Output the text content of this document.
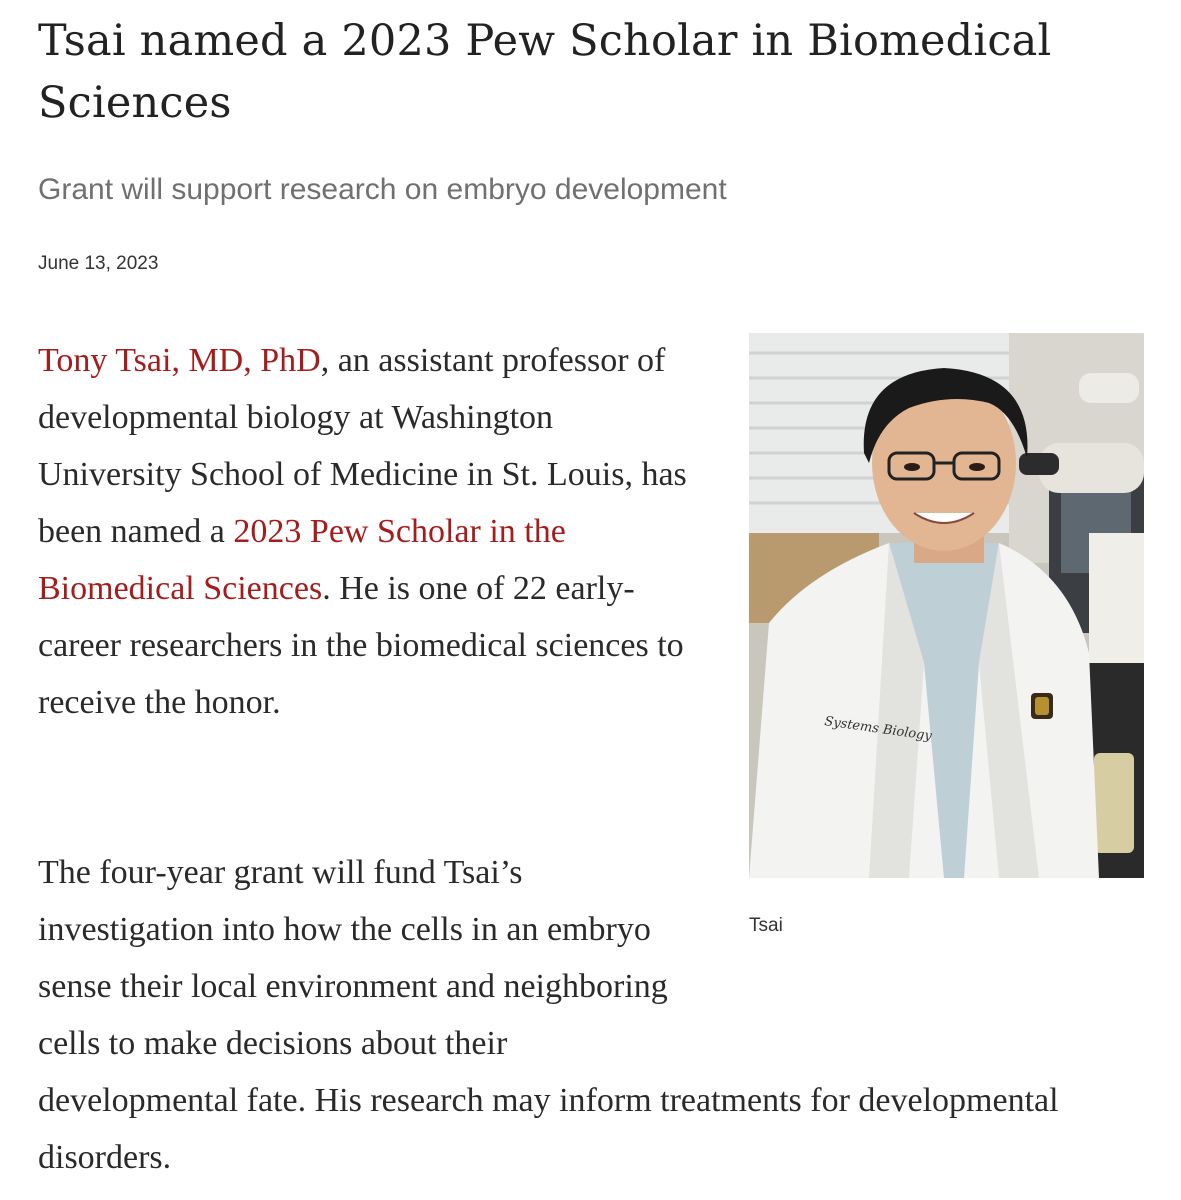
Tsai named a 2023 Pew Scholar in Biomedical Sciences

Grant will support research on embryo development

June 13, 2023

Systems Biology
Tsai

Tony Tsai, MD, PhD, an assistant professor of developmental biology at Washington University School of Medicine in St. Louis, has been named a 2023 Pew Scholar in the Biomedical Sciences. He is one of 22 early-career researchers in the biomedical sciences to receive the honor.

The four-year grant will fund Tsai’s investigation into how the cells in an embryo sense their local environment and neighboring cells to make decisions about their developmental fate. His research may inform treatments for developmental disorders.
